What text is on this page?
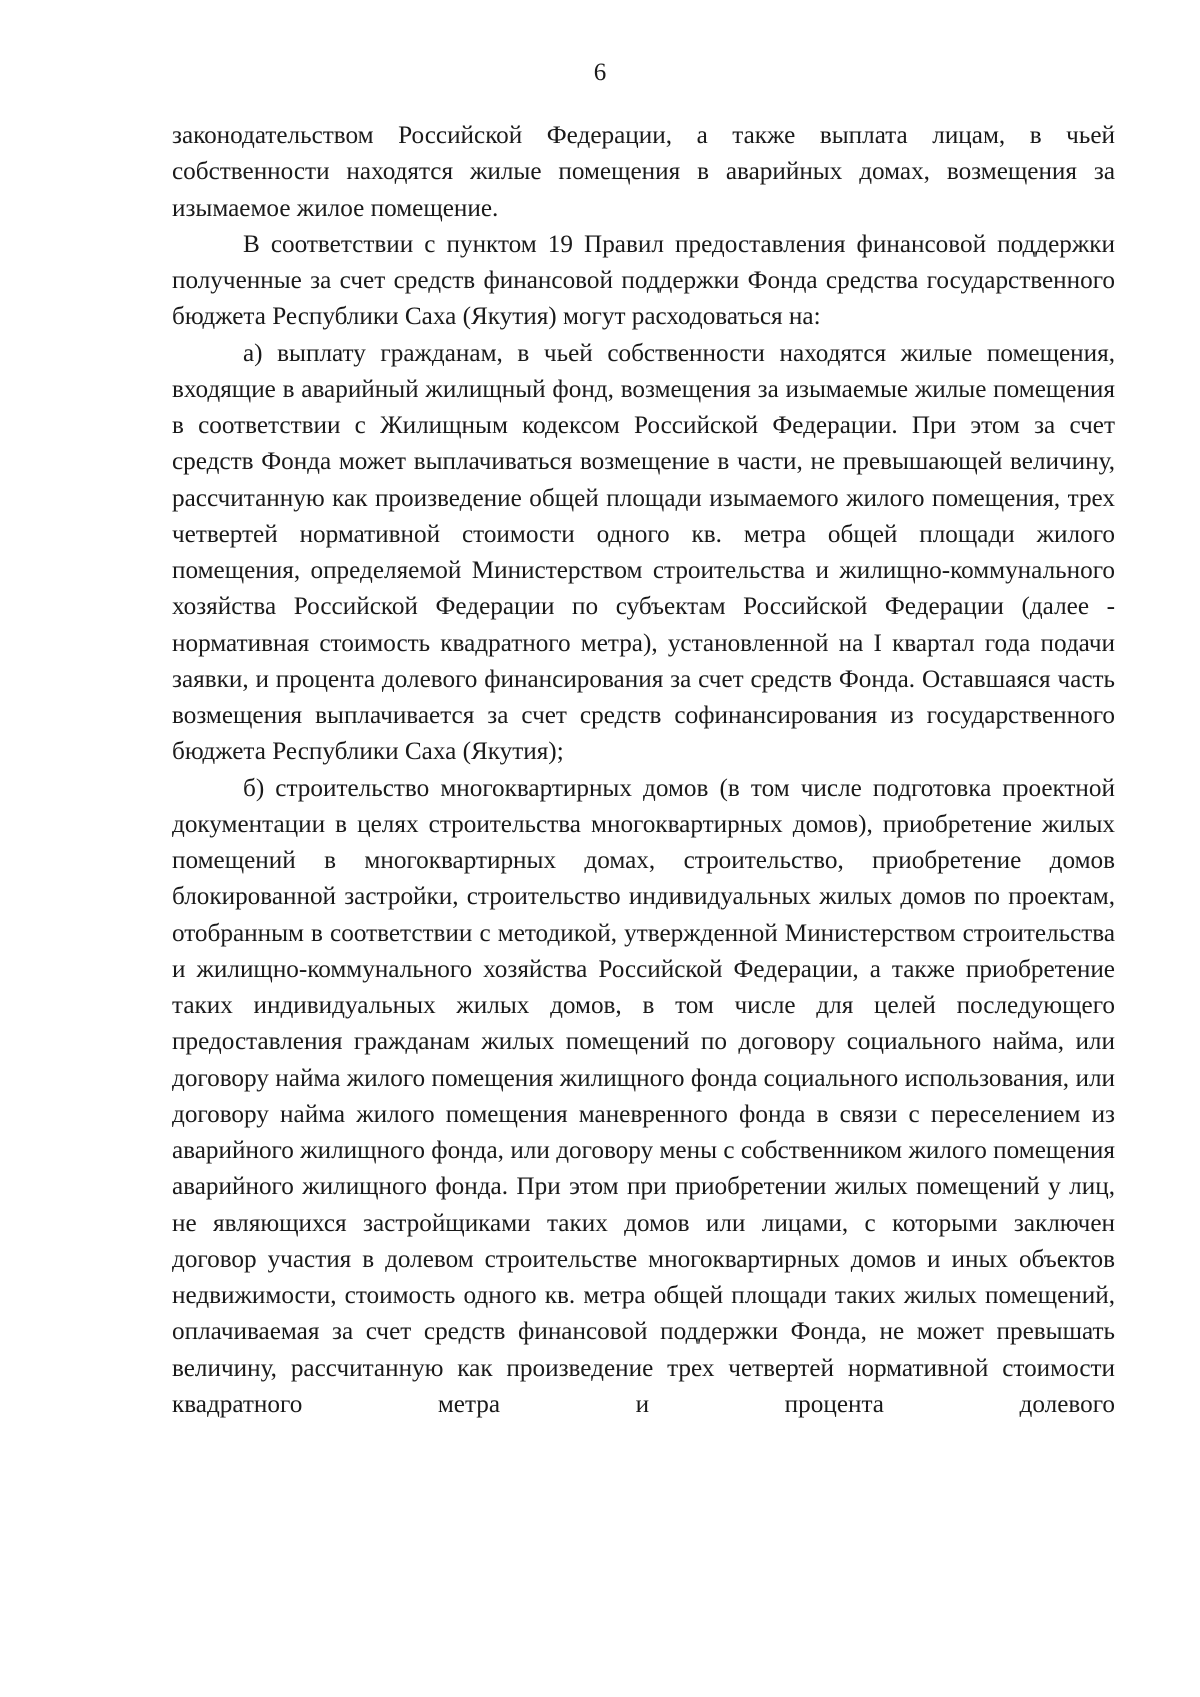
6

законодательством Российской Федерации, а также выплата лицам, в чьей собственности находятся жилые помещения в аварийных домах, возмещения за изымаемое жилое помещение.

В соответствии с пунктом 19 Правил предоставления финансовой поддержки полученные за счет средств финансовой поддержки Фонда средства государственного бюджета Республики Саха (Якутия) могут расходоваться на:

а) выплату гражданам, в чьей собственности находятся жилые помещения, входящие в аварийный жилищный фонд, возмещения за изымаемые жилые помещения в соответствии с Жилищным кодексом Российской Федерации. При этом за счет средств Фонда может выплачиваться возмещение в части, не превышающей величину, рассчитанную как произведение общей площади изымаемого жилого помещения, трех четвертей нормативной стоимости одного кв. метра общей площади жилого помещения, определяемой Министерством строительства и жилищно-коммунального хозяйства Российской Федерации по субъектам Российской Федерации (далее - нормативная стоимость квадратного метра), установленной на I квартал года подачи заявки, и процента долевого финансирования за счет средств Фонда. Оставшаяся часть возмещения выплачивается за счет средств софинансирования из государственного бюджета Республики Саха (Якутия);

б) строительство многоквартирных домов (в том числе подготовка проектной документации в целях строительства многоквартирных домов), приобретение жилых помещений в многоквартирных домах, строительство, приобретение домов блокированной застройки, строительство индивидуальных жилых домов по проектам, отобранным в соответствии с методикой, утвержденной Министерством строительства и жилищно-коммунального хозяйства Российской Федерации, а также приобретение таких индивидуальных жилых домов, в том числе для целей последующего предоставления гражданам жилых помещений по договору социального найма, или договору найма жилого помещения жилищного фонда социального использования, или договору найма жилого помещения маневренного фонда в связи с переселением из аварийного жилищного фонда, или договору мены с собственником жилого помещения аварийного жилищного фонда. При этом при приобретении жилых помещений у лиц, не являющихся застройщиками таких домов или лицами, с которыми заключен договор участия в долевом строительстве многоквартирных домов и иных объектов недвижимости, стоимость одного кв. метра общей площади таких жилых помещений, оплачиваемая за счет средств финансовой поддержки Фонда, не может превышать величину, рассчитанную как произведение трех четвертей нормативной стоимости квадратного метра и процента долевого
